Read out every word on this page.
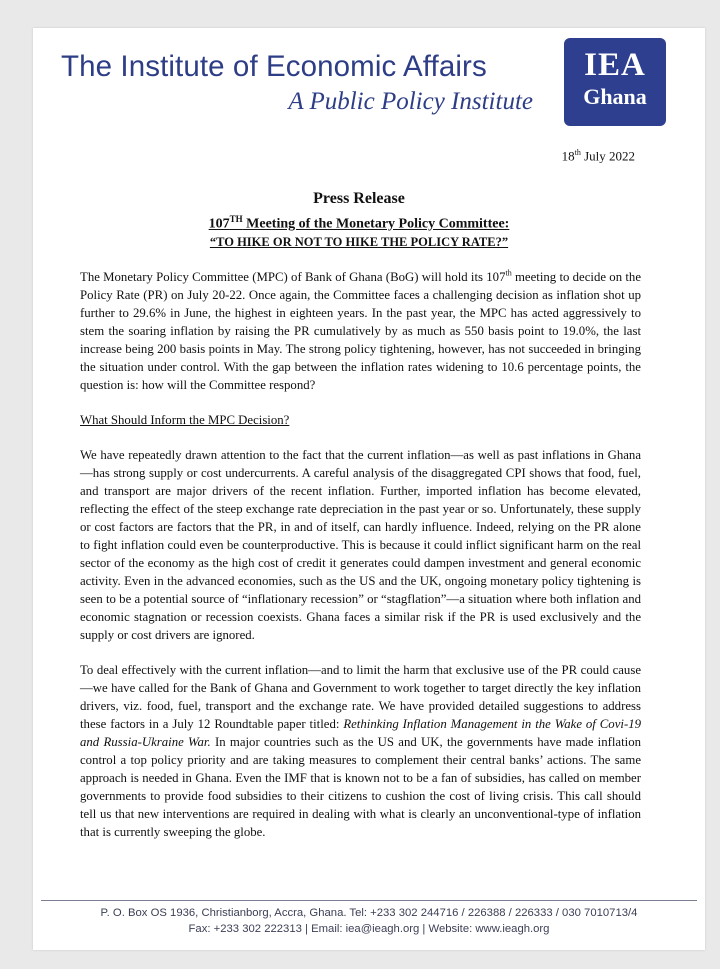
The Institute of Economic Affairs
A Public Policy Institute
IEA
Ghana
18th July 2022
Press Release
107TH Meeting of the Monetary Policy Committee:
“TO HIKE OR NOT TO HIKE THE POLICY RATE?”

The Monetary Policy Committee (MPC) of Bank of Ghana (BoG) will hold its 107th meeting to decide on the Policy Rate (PR) on July 20-22. Once again, the Committee faces a challenging decision as inflation shot up further to 29.6% in June, the highest in eighteen years. In the past year, the MPC has acted aggressively to stem the soaring inflation by raising the PR cumulatively by as much as 550 basis point to 19.0%, the last increase being 200 basis points in May. The strong policy tightening, however, has not succeeded in bringing the situation under control. With the gap between the inflation rates widening to 10.6 percentage points, the question is: how will the Committee respond?

What Should Inform the MPC Decision?

We have repeatedly drawn attention to the fact that the current inflation—as well as past inflations in Ghana—has strong supply or cost undercurrents. A careful analysis of the disaggregated CPI shows that food, fuel, and transport are major drivers of the recent inflation. Further, imported inflation has become elevated, reflecting the effect of the steep exchange rate depreciation in the past year or so. Unfortunately, these supply or cost factors are factors that the PR, in and of itself, can hardly influence. Indeed, relying on the PR alone to fight inflation could even be counterproductive. This is because it could inflict significant harm on the real sector of the economy as the high cost of credit it generates could dampen investment and general economic activity. Even in the advanced economies, such as the US and the UK, ongoing monetary policy tightening is seen to be a potential source of “inflationary recession” or “stagflation”—a situation where both inflation and economic stagnation or recession coexists. Ghana faces a similar risk if the PR is used exclusively and the supply or cost drivers are ignored.

To deal effectively with the current inflation—and to limit the harm that exclusive use of the PR could cause—we have called for the Bank of Ghana and Government to work together to target directly the key inflation drivers, viz. food, fuel, transport and the exchange rate. We have provided detailed suggestions to address these factors in a July 12 Roundtable paper titled: Rethinking Inflation Management in the Wake of Covi-19 and Russia-Ukraine War. In major countries such as the US and UK, the governments have made inflation control a top policy priority and are taking measures to complement their central banks’ actions. The same approach is needed in Ghana. Even the IMF that is known not to be a fan of subsidies, has called on member governments to provide food subsidies to their citizens to cushion the cost of living crisis. This call should tell us that new interventions are required in dealing with what is clearly an unconventional-type of inflation that is currently sweeping the globe.

P. O. Box OS 1936, Christianborg, Accra, Ghana. Tel: +233 302 244716 / 226388 / 226333 / 030 7010713/4
Fax: +233 302 222313 | Email: iea@ieagh.org | Website: www.ieagh.org
